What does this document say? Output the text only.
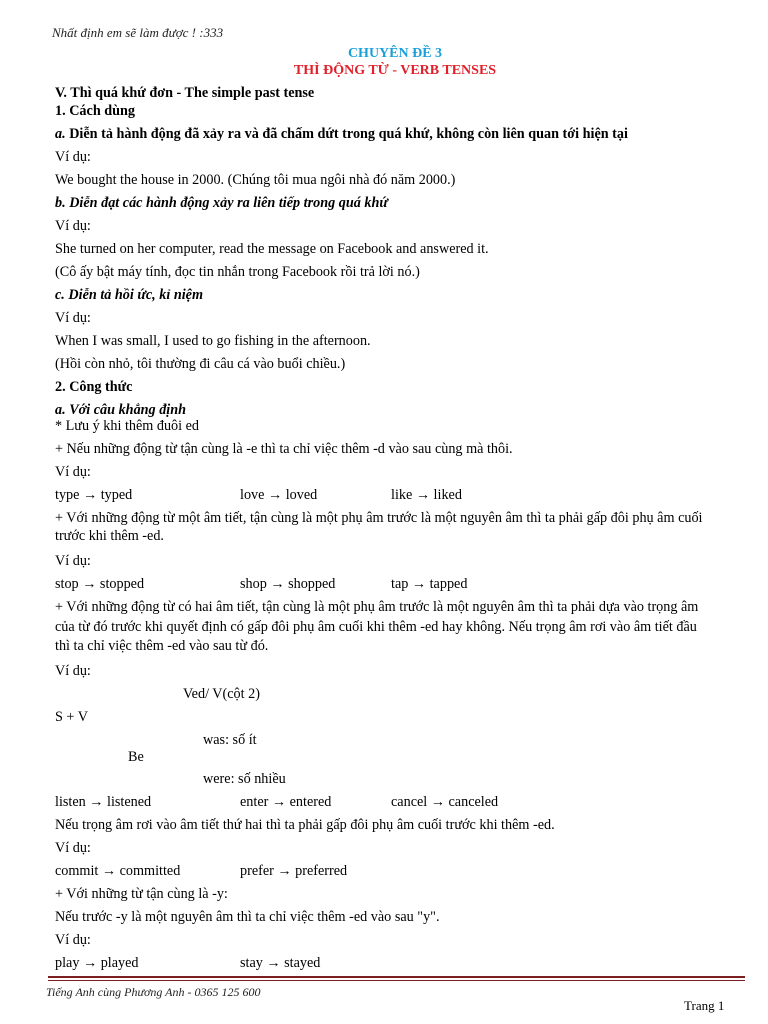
Nhất định em sẽ làm được ! :333
CHUYÊN ĐỀ 3
THÌ ĐỘNG TỪ - VERB TENSES
V. Thì quá khứ đơn - The simple past tense
1. Cách dùng
a. Diễn tả hành động đã xảy ra và đã chấm dứt trong quá khứ, không còn liên quan tới hiện tại
Ví dụ:
We bought the house in 2000. (Chúng tôi mua ngôi nhà đó năm 2000.)
b. Diễn đạt các hành động xảy ra liên tiếp trong quá khứ
Ví dụ:
She turned on her computer, read the message on Facebook and answered it.
(Cô ấy bật máy tính, đọc tin nhắn trong Facebook rồi trả lời nó.)
c. Diễn tả hồi ức, kỉ niệm
Ví dụ:
When I was small, I used to go fishing in the afternoon.
(Hồi còn nhỏ, tôi thường đi câu cá vào buổi chiều.)
2. Công thức
a. Với câu khẳng định
* Lưu ý khi thêm đuôi ed
+ Nếu những động từ tận cùng là -e thì ta chỉ việc thêm -d vào sau cùng mà thôi.
Ví dụ:
type → typed	love → loved	like → liked
+ Với những động từ một âm tiết, tận cùng là một phụ âm trước là một nguyên âm thì ta phải gấp đôi phụ âm cuối trước khi thêm -ed.
Ví dụ:
stop → stopped	shop → shopped	tap → tapped
+ Với những động từ có hai âm tiết, tận cùng là một phụ âm trước là một nguyên âm thì ta phải dựa vào trọng âm của từ đó trước khi quyết định có gấp đôi phụ âm cuối khi thêm -ed hay không. Nếu trọng âm rơi vào âm tiết đầu thì ta chỉ việc thêm -ed vào sau từ đó.
Ví dụ:
Ved/ V(cột 2)
S + V
was: số ít
Be
were: số nhiều
listen → listened	enter → entered	cancel → canceled
Nếu trọng âm rơi vào âm tiết thứ hai thì ta phải gấp đôi phụ âm cuối trước khi thêm -ed.
Ví dụ:
commit → committed	prefer → preferred
+ Với những từ tận cùng là -y:
Nếu trước -y là một nguyên âm thì ta chỉ việc thêm -ed vào sau "y".
Ví dụ:
play → played	stay → stayed
Tiếng Anh cùng Phương Anh - 0365 125 600
Trang 1
